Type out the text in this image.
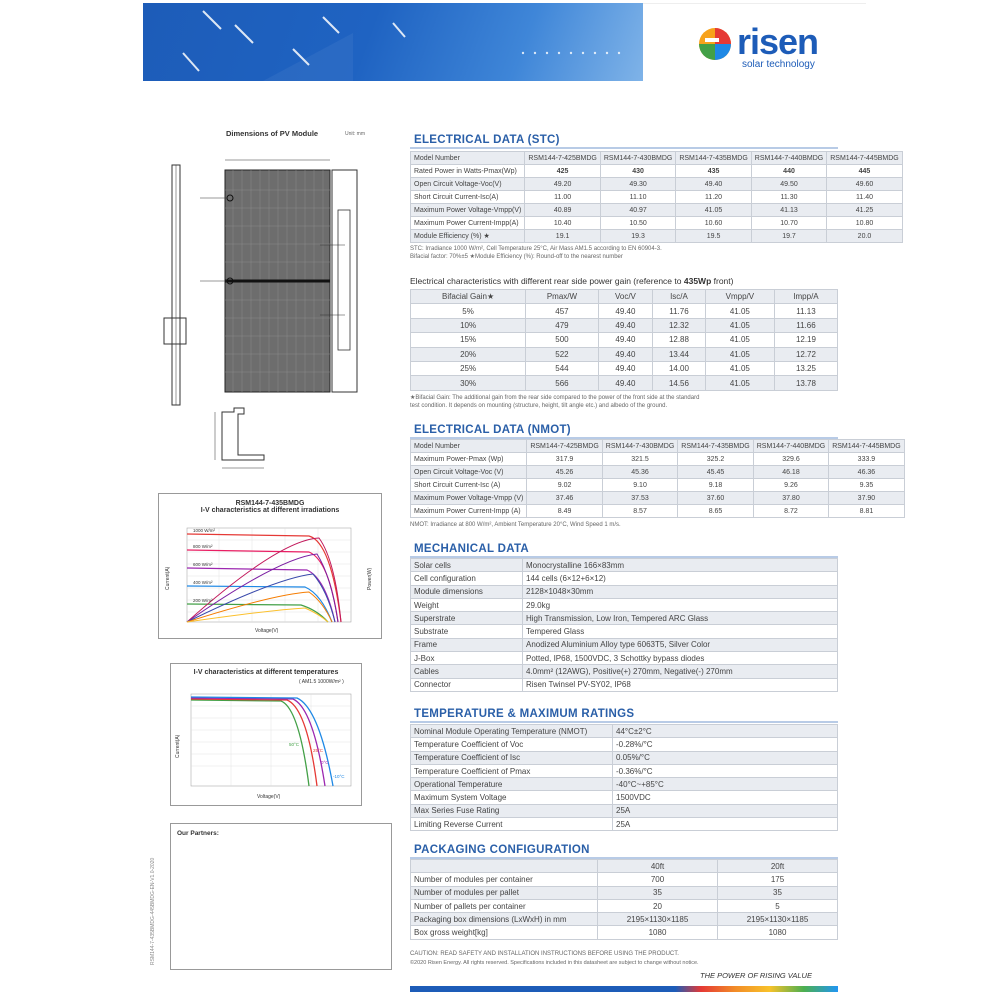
risen
solar technology
Dimensions of PV Module	Unit: mm
RSM144-7-435BMDG
I-V characteristics at different irradiations
1000 W/m²
800 W/m²
600 W/m²
400 W/m²
200 W/m²
Voltage(V)
Current(A)	Power(W)
I-V characteristics at different temperatures
( AM1.5 1000W/m² )
50°C
25°C
0°C
-10°C
Voltage(V)
Current(A)
Our Partners:
RSM144-7-435BMDG-445BMDG-EN-V1.0-2020
ELECTRICAL DATA (STC)
Model Number	RSM144-7-425BMDG	RSM144-7-430BMDG	RSM144-7-435BMDG	RSM144-7-440BMDG	RSM144-7-445BMDG
Rated Power in Watts-Pmax(Wp)	425	430	435	440	445
Open Circuit Voltage-Voc(V)	49.20	49.30	49.40	49.50	49.60
Short Circuit Current-Isc(A)	11.00	11.10	11.20	11.30	11.40
Maximum Power Voltage-Vmpp(V)	40.89	40.97	41.05	41.13	41.25
Maximum Power Current-Impp(A)	10.40	10.50	10.60	10.70	10.80
Module Efficiency (%) ★	19.1	19.3	19.5	19.7	20.0
STC: Irradiance 1000 W/m², Cell Temperature 25°C, Air Mass AM1.5 according to EN 60904-3.
Bifacial factor: 70%±5 ★Module Efficiency (%): Round-off to the nearest number
Electrical characteristics with different rear side power gain (reference to 435Wp front)
Bifacial Gain★	Pmax/W	Voc/V	Isc/A	Vmpp/V	Impp/A
5%	457	49.40	11.76	41.05	11.13
10%	479	49.40	12.32	41.05	11.66
15%	500	49.40	12.88	41.05	12.19
20%	522	49.40	13.44	41.05	12.72
25%	544	49.40	14.00	41.05	13.25
30%	566	49.40	14.56	41.05	13.78
★Bifacial Gain: The additional gain from the rear side compared to the power of the front side at the standard
test condition. It depends on mounting (structure, height, tilt angle etc.) and albedo of the ground.
ELECTRICAL DATA (NMOT)
Model Number	RSM144-7-425BMDG	RSM144-7-430BMDG	RSM144-7-435BMDG	RSM144-7-440BMDG	RSM144-7-445BMDG
Maximum Power-Pmax (Wp)	317.9	321.5	325.2	329.6	333.9
Open Circuit Voltage-Voc (V)	45.26	45.36	45.45	46.18	46.36
Short Circuit Current-Isc (A)	9.02	9.10	9.18	9.26	9.35
Maximum Power Voltage-Vmpp (V)	37.46	37.53	37.60	37.80	37.90
Maximum Power Current-Impp (A)	8.49	8.57	8.65	8.72	8.81
NMOT: Irradiance at 800 W/m², Ambient Temperature 20°C, Wind Speed 1 m/s.
MECHANICAL DATA
Solar cells	Monocrystalline 166×83mm
Cell configuration	144 cells (6×12+6×12)
Module dimensions	2128×1048×30mm
Weight	29.0kg
Superstrate	High Transmission, Low Iron, Tempered ARC Glass
Substrate	Tempered Glass
Frame	Anodized Aluminium Alloy type 6063T5, Silver Color
J-Box	Potted, IP68, 1500VDC, 3 Schottky bypass diodes
Cables	4.0mm² (12AWG), Positive(+) 270mm, Negative(-) 270mm
Connector	Risen Twinsel PV-SY02, IP68
TEMPERATURE & MAXIMUM RATINGS
Nominal Module Operating Temperature (NMOT)	44°C±2°C
Temperature Coefficient of Voc	-0.28%/°C
Temperature Coefficient of Isc	0.05%/°C
Temperature Coefficient of Pmax	-0.36%/°C
Operational Temperature	-40°C~+85°C
Maximum System Voltage	1500VDC
Max Series Fuse Rating	25A
Limiting Reverse Current	25A
PACKAGING CONFIGURATION
	40ft	20ft
Number of modules per container	700	175
Number of modules per pallet	35	35
Number of pallets per container	20	5
Packaging box dimensions (LxWxH) in mm	2195×1130×1185	2195×1130×1185
Box gross weight[kg]	1080	1080
CAUTION: READ SAFETY AND INSTALLATION INSTRUCTIONS BEFORE USING THE PRODUCT.
©2020 Risen Energy. All rights reserved. Specifications included in this datasheet are subject to change without notice.
THE POWER OF RISING VALUE
